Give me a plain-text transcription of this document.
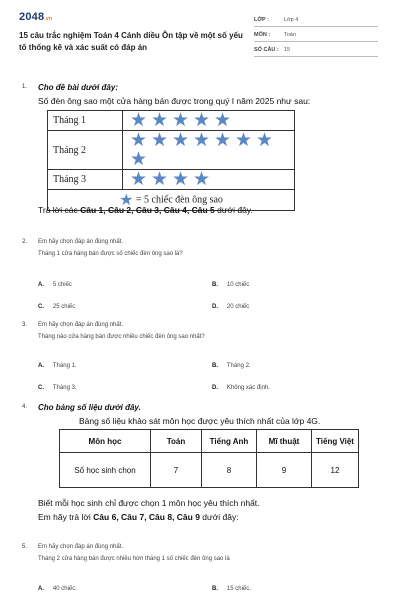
2048.vn
15 câu trắc nghiệm Toán 4 Cánh diều Ôn tập về một số yếu tố thống kê và xác suất có đáp án
LỚP :	Lớp 4
MÔN :	Toán
SỐ CÂU : 15
1. Cho đề bài dưới đây:
Số đèn ông sao một cửa hàng bán được trong quý I năm 2025 như sau:
Tháng 1	★ ★ ★ ★ ★
Tháng 2	★ ★ ★ ★ ★ ★ ★★
Tháng 3	★ ★ ★ ★
★ = 5 chiếc đèn ông sao	
Trả lời các Câu 1, Câu 2, Câu 3, Câu 4, Câu 5 dưới đây.
2. Em hãy chọn đáp án đúng nhất.
Tháng 1 cửa hàng bán được số chiếc đèn ông sao là?
A. 5 chiếc	B. 10 chiếc
C. 25 chiếc	D. 20 chiếc
3. Em hãy chọn đáp án đúng nhất.
Tháng nào cửa hàng bán được nhiều chiếc đèn ông sao nhất?
A. Tháng 1.	B. Tháng 2.
C. Tháng 3.	D. Không xác định.
4. Cho bảng số liệu dưới đây.
Bảng số liệu khảo sát môn học được yêu thích nhất của lớp 4G.
Môn học	Toán	Tiếng Anh	Mĩ thuật	Tiếng Việt
Số học sinh chọn	7	8	9	12
Biết mỗi học sinh chỉ được chọn 1 môn học yêu thích nhất.
Em hãy trả lời Câu 6, Câu 7, Câu 8, Câu 9 dưới đây:
5. Em hãy chọn đáp án đúng nhất.
Tháng 2 cửa hàng bán được nhiều hơn tháng 1 số chiếc đèn ông sao là
A. 40 chiếc.	B. 15 chiếc.
